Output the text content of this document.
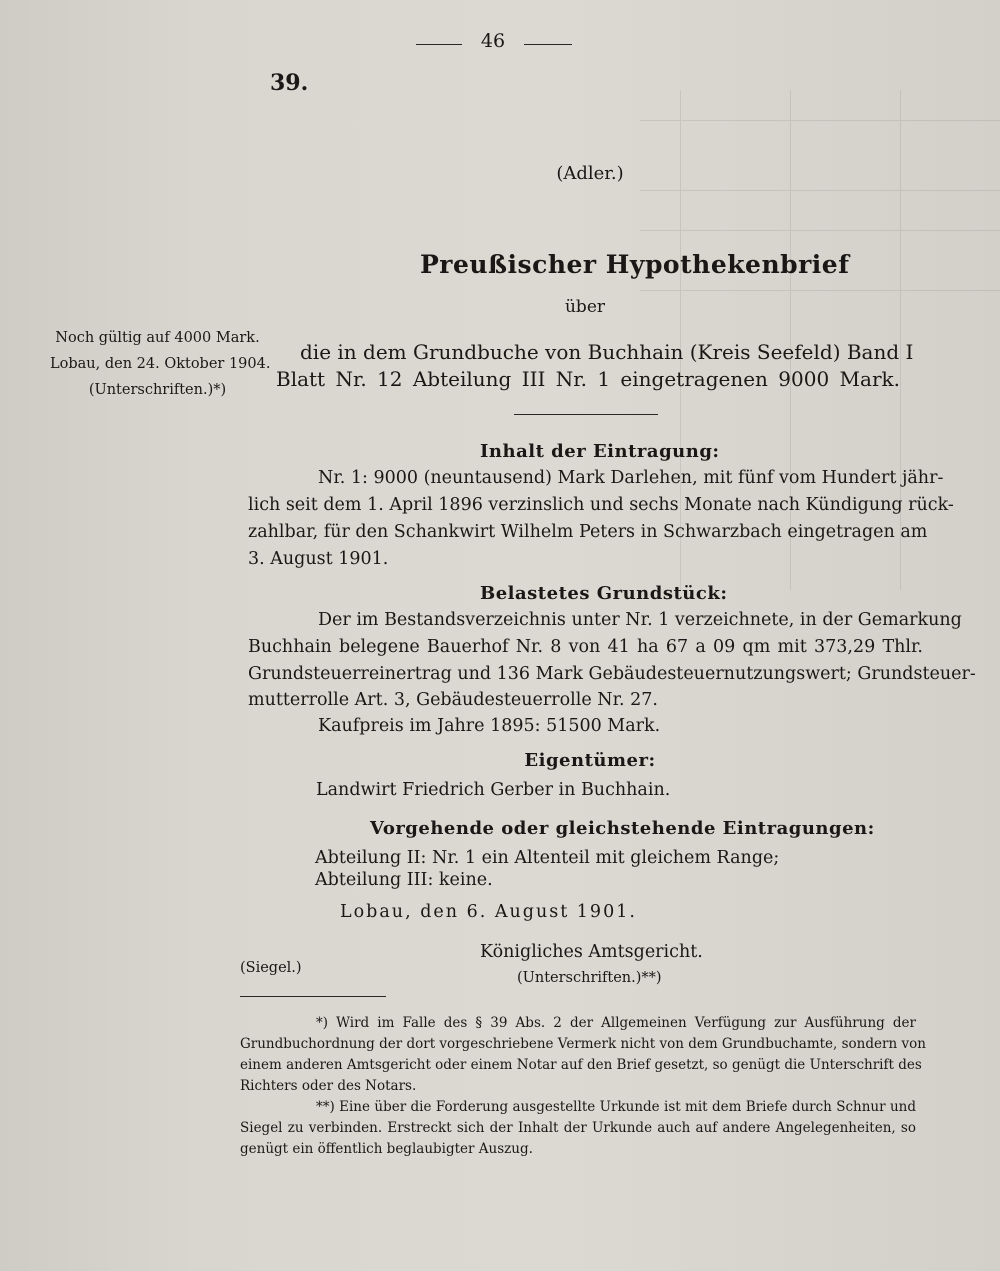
46
39.
(Adler.)
Preußischer Hypothekenbrief
über
Noch gültig auf 4000 Mark.
Lobau, den 24. Oktober 1904.
(Unterschriften.)*)
die in dem Grundbuche von Buchhain (Kreis Seefeld) Band I
Blatt Nr. 12 Abteilung III Nr. 1 eingetragenen 9000 Mark.
Inhalt der Eintragung:
Nr. 1: 9000 (neuntausend) Mark Darlehen, mit fünf vom Hundert jähr-
lich seit dem 1. April 1896 verzinslich und sechs Monate nach Kündigung rück-
zahlbar, für den Schankwirt Wilhelm Peters in Schwarzbach eingetragen am
3. August 1901.
Belastetes Grundstück:
Der im Bestandsverzeichnis unter Nr. 1 verzeichnete, in der Gemarkung
Buchhain belegene Bauerhof Nr. 8 von 41 ha 67 a 09 qm mit 373,29 Thlr.
Grundsteuerreinertrag und 136 Mark Gebäudesteuernutzungswert; Grundsteuer-
mutterrolle Art. 3, Gebäudesteuerrolle Nr. 27.
Kaufpreis im Jahre 1895: 51500 Mark.
Eigentümer:
Landwirt Friedrich Gerber in Buchhain.
Vorgehende oder gleichstehende Eintragungen:
Abteilung II: Nr. 1 ein Altenteil mit gleichem Range;
Abteilung III: keine.
Lobau, den 6. August 1901.
Königliches Amtsgericht.
(Unterschriften.)**)
(Siegel.)
*) Wird im Falle des § 39 Abs. 2 der Allgemeinen Verfügung zur Ausführung der
Grundbuchordnung der dort vorgeschriebene Vermerk nicht von dem Grundbuchamte, sondern von
einem anderen Amtsgericht oder einem Notar auf den Brief gesetzt, so genügt die Unterschrift des
Richters oder des Notars.
**) Eine über die Forderung ausgestellte Urkunde ist mit dem Briefe durch Schnur und
Siegel zu verbinden. Erstreckt sich der Inhalt der Urkunde auch auf andere Angelegenheiten, so
genügt ein öffentlich beglaubigter Auszug.
